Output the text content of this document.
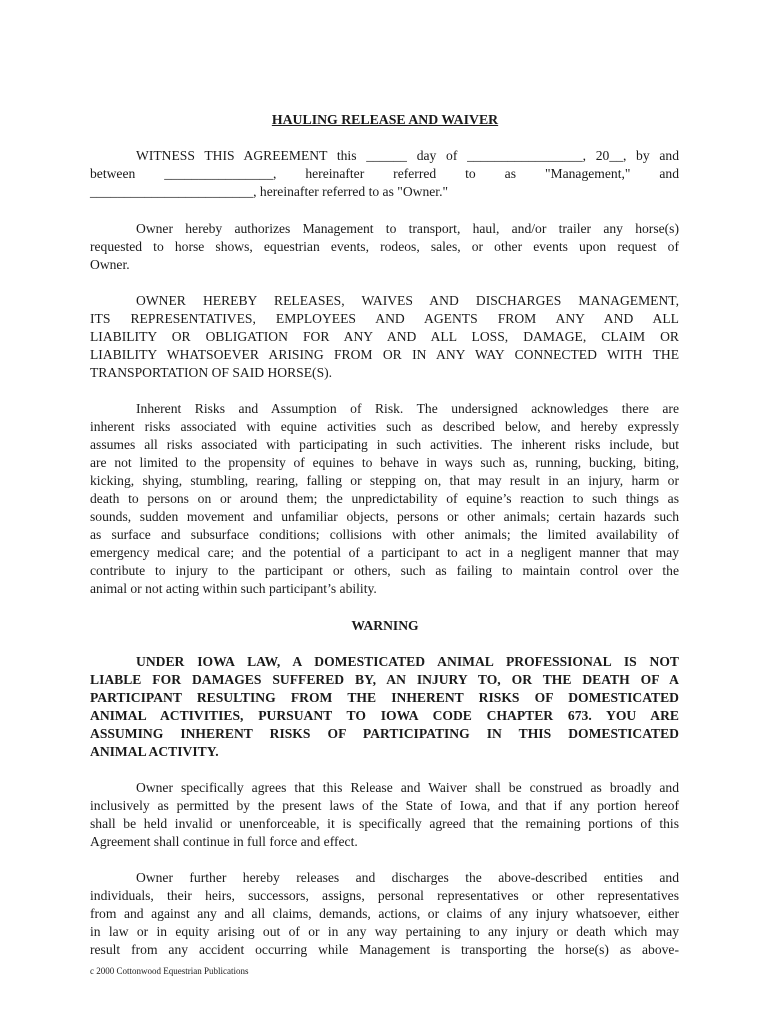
HAULING RELEASE AND WAIVER
WITNESS THIS AGREEMENT this ______ day of _________________, 20__, by and
between ________________, hereinafter referred to as "Management," and
________________________, hereinafter referred to as "Owner."
Owner hereby authorizes Management to transport, haul, and/or trailer any horse(s)
requested to horse shows, equestrian events, rodeos, sales, or other events upon request of
Owner.
OWNER HEREBY RELEASES, WAIVES AND DISCHARGES MANAGEMENT,
ITS REPRESENTATIVES, EMPLOYEES AND AGENTS FROM ANY AND ALL
LIABILITY OR OBLIGATION FOR ANY AND ALL LOSS, DAMAGE, CLAIM OR
LIABILITY WHATSOEVER ARISING FROM OR IN ANY WAY CONNECTED WITH THE
TRANSPORTATION OF SAID HORSE(S).
Inherent Risks and Assumption of Risk. The undersigned acknowledges there are
inherent risks associated with equine activities such as described below, and hereby expressly
assumes all risks associated with participating in such activities. The inherent risks include, but
are not limited to the propensity of equines to behave in ways such as, running, bucking, biting,
kicking, shying, stumbling, rearing, falling or stepping on, that may result in an injury, harm or
death to persons on or around them; the unpredictability of equine’s reaction to such things as
sounds, sudden movement and unfamiliar objects, persons or other animals; certain hazards such
as surface and subsurface conditions; collisions with other animals; the limited availability of
emergency medical care; and the potential of a participant to act in a negligent manner that may
contribute to injury to the participant or others, such as failing to maintain control over the
animal or not acting within such participant’s ability.
WARNING
UNDER IOWA LAW, A DOMESTICATED ANIMAL PROFESSIONAL IS NOT
LIABLE FOR DAMAGES SUFFERED BY, AN INJURY TO, OR THE DEATH OF A
PARTICIPANT RESULTING FROM THE INHERENT RISKS OF DOMESTICATED
ANIMAL ACTIVITIES, PURSUANT TO IOWA CODE CHAPTER 673. YOU ARE
ASSUMING INHERENT RISKS OF PARTICIPATING IN THIS DOMESTICATED
ANIMAL ACTIVITY.
Owner specifically agrees that this Release and Waiver shall be construed as broadly and
inclusively as permitted by the present laws of the State of Iowa, and that if any portion hereof
shall be held invalid or unenforceable, it is specifically agreed that the remaining portions of this
Agreement shall continue in full force and effect.
Owner further hereby releases and discharges the above-described entities and
individuals, their heirs, successors, assigns, personal representatives or other representatives
from and against any and all claims, demands, actions, or claims of any injury whatsoever, either
in law or in equity arising out of or in any way pertaining to any injury or death which may
result from any accident occurring while Management is transporting the horse(s) as above-
c 2000 Cottonwood Equestrian Publications
